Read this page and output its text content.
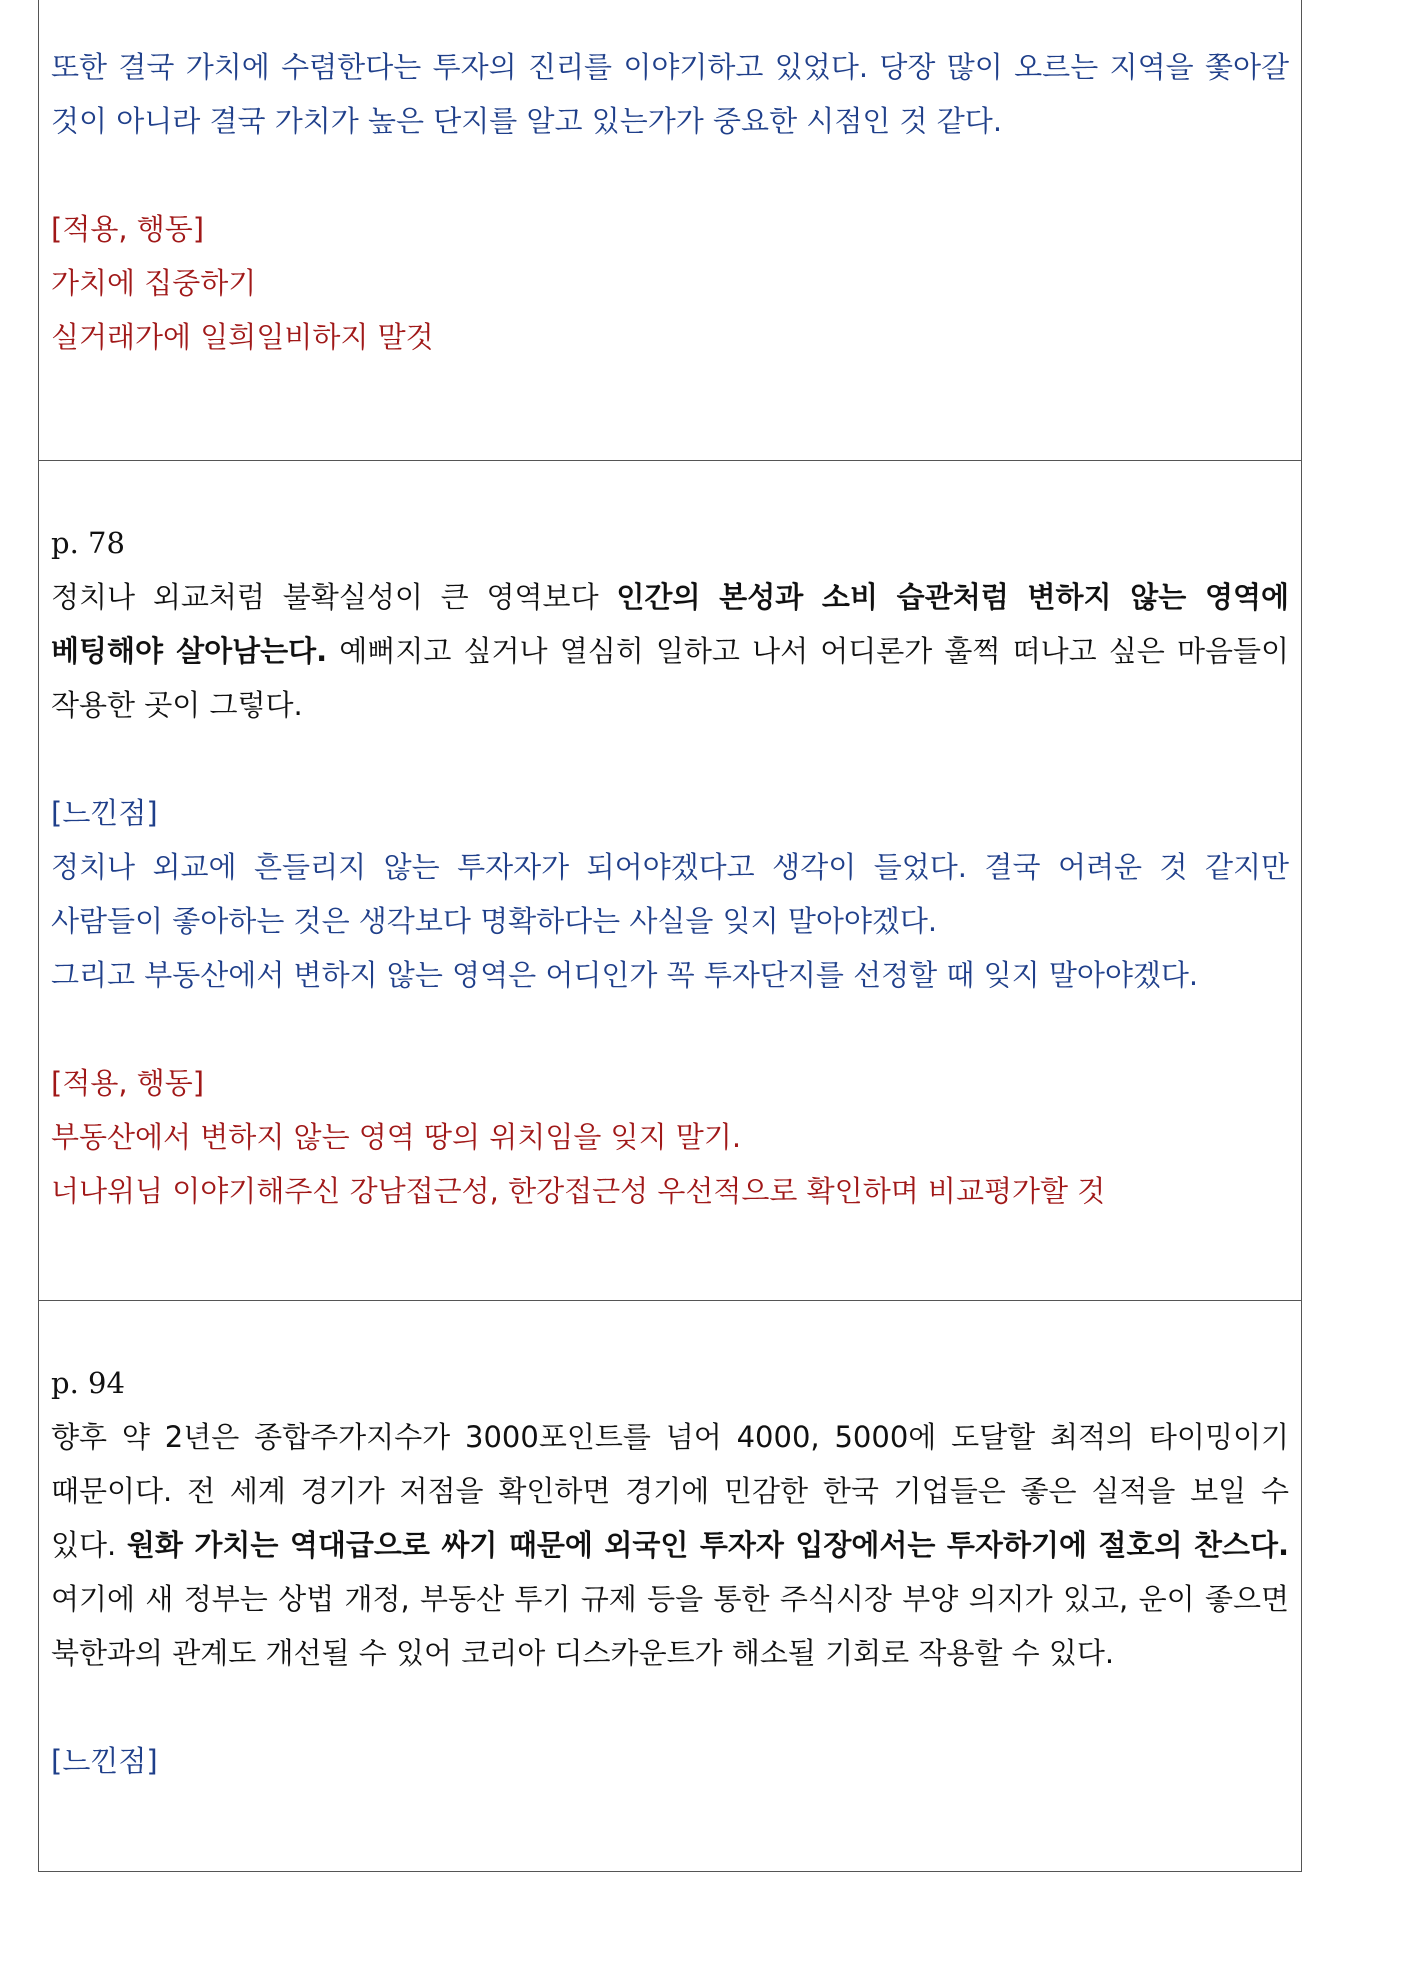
또한 결국 가치에 수렴한다는 투자의 진리를 이야기하고 있었다. 당장 많이 오르는 지역을 쫓아갈 것이 아니라 결국 가치가 높은 단지를 알고 있는가가 중요한 시점인 것 같다.

[적용, 행동]

가치에 집중하기

실거래가에 일희일비하지 말것

p. 78

정치나 외교처럼 불확실성이 큰 영역보다 인간의 본성과 소비 습관처럼 변하지 않는 영역에 베팅해야 살아남는다. 예뻐지고 싶거나 열심히 일하고 나서 어디론가 훌쩍 떠나고 싶은 마음들이 작용한 곳이 그렇다.

[느낀점]

정치나 외교에 흔들리지 않는 투자자가 되어야겠다고 생각이 들었다. 결국 어려운 것 같지만 사람들이 좋아하는 것은 생각보다 명확하다는 사실을 잊지 말아야겠다.

그리고 부동산에서 변하지 않는 영역은 어디인가 꼭 투자단지를 선정할 때 잊지 말아야겠다.

[적용, 행동]

부동산에서 변하지 않는 영역 땅의 위치임을 잊지 말기.

너나위님 이야기해주신 강남접근성, 한강접근성 우선적으로 확인하며 비교평가할 것

p. 94

향후 약 2년은 종합주가지수가 3000포인트를 넘어 4000, 5000에 도달할 최적의 타이밍이기 때문이다. 전 세계 경기가 저점을 확인하면 경기에 민감한 한국 기업들은 좋은 실적을 보일 수 있다. 원화 가치는 역대급으로 싸기 때문에 외국인 투자자 입장에서는 투자하기에 절호의 찬스다. 여기에 새 정부는 상법 개정, 부동산 투기 규제 등을 통한 주식시장 부양 의지가 있고, 운이 좋으면 북한과의 관계도 개선될 수 있어 코리아 디스카운트가 해소될 기회로 작용할 수 있다.

[느낀점]
